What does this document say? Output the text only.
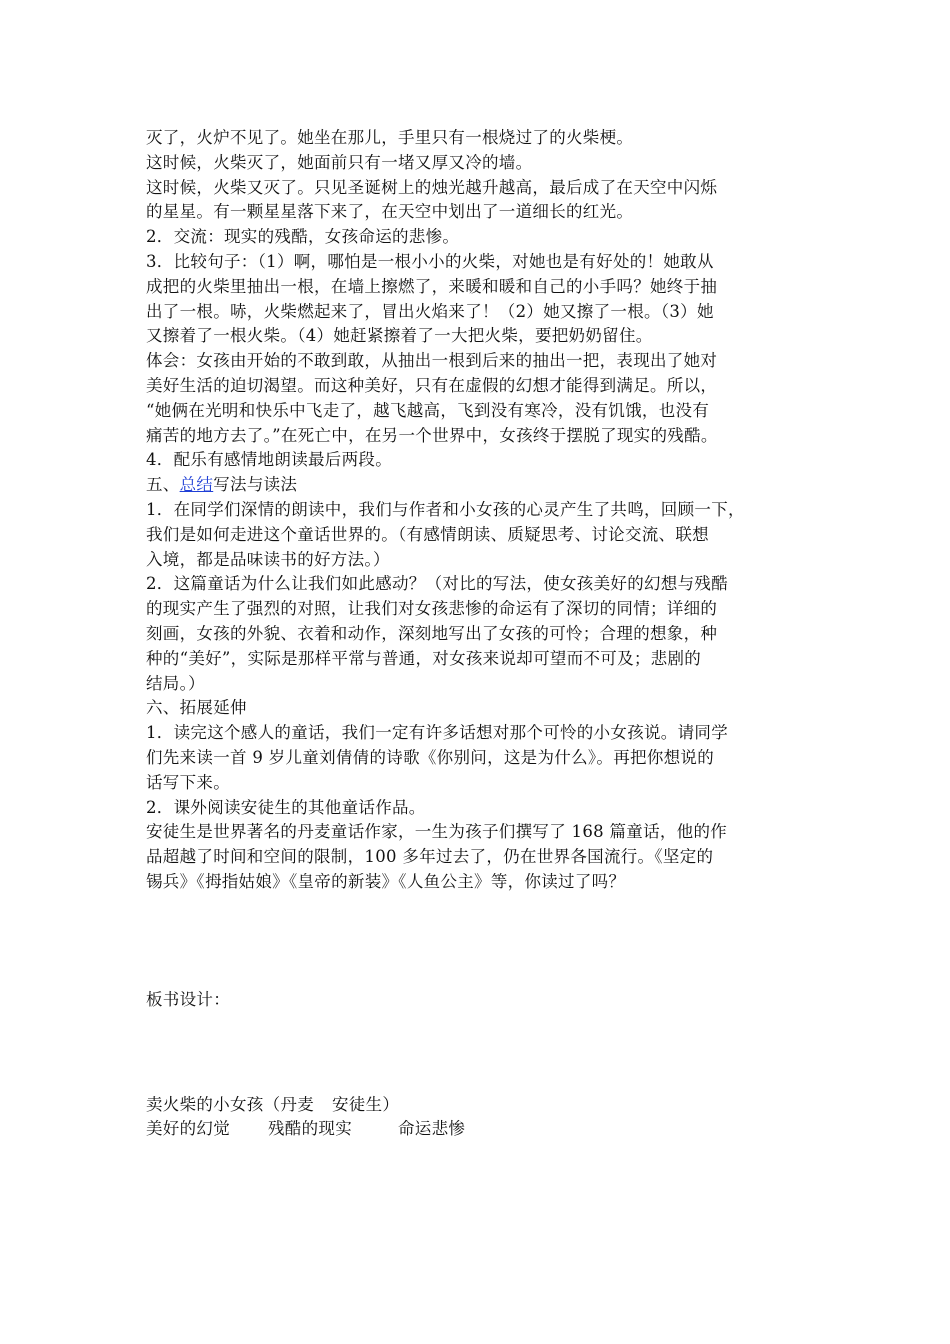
灭了，火炉不见了。她坐在那儿，手里只有一根烧过了的火柴梗。
这时候，火柴灭了，她面前只有一堵又厚又冷的墙。
这时候，火柴又灭了。只见圣诞树上的烛光越升越高，最后成了在天空中闪烁
的星星。有一颗星星落下来了，在天空中划出了一道细长的红光。
2．交流：现实的残酷，女孩命运的悲惨。
3．比较句子：（1）啊，哪怕是一根小小的火柴，对她也是有好处的！她敢从
成把的火柴里抽出一根，在墙上擦燃了，来暖和暖和自己的小手吗？她终于抽
出了一根。哧，火柴燃起来了，冒出火焰来了！（2）她又擦了一根。（3）她
又擦着了一根火柴。（4）她赶紧擦着了一大把火柴，要把奶奶留住。
体会：女孩由开始的不敢到敢，从抽出一根到后来的抽出一把，表现出了她对
美好生活的迫切渴望。而这种美好，只有在虚假的幻想才能得到满足。所以，
“她俩在光明和快乐中飞走了，越飞越高，飞到没有寒冷，没有饥饿，也没有
痛苦的地方去了。”在死亡中，在另一个世界中，女孩终于摆脱了现实的残酷。
4．配乐有感情地朗读最后两段。
五、总结写法与读法
1．在同学们深情的朗读中，我们与作者和小女孩的心灵产生了共鸣，回顾一下，
我们是如何走进这个童话世界的。（有感情朗读、质疑思考、讨论交流、联想
入境，都是品味读书的好方法。）
2．这篇童话为什么让我们如此感动？（对比的写法，使女孩美好的幻想与残酷
的现实产生了强烈的对照，让我们对女孩悲惨的命运有了深切的同情；详细的
刻画，女孩的外貌、衣着和动作，深刻地写出了女孩的可怜；合理的想象，种
种的“美好”，实际是那样平常与普通，对女孩来说却可望而不可及；悲剧的
结局。）
六、拓展延伸
1．读完这个感人的童话，我们一定有许多话想对那个可怜的小女孩说。请同学
们先来读一首 9 岁儿童刘倩倩的诗歌《你别问，这是为什么》。再把你想说的
话写下来。
2．课外阅读安徒生的其他童话作品。
安徒生是世界著名的丹麦童话作家，一生为孩子们撰写了 168 篇童话，他的作
品超越了时间和空间的限制，100 多年过去了，仍在世界各国流行。《坚定的
锡兵》《拇指姑娘》《皇帝的新装》《人鱼公主》等，你读过了吗？
板书设计：
卖火柴的小女孩（丹麦 安徒生）
美好的幻觉 残酷的现实	命运悲惨
